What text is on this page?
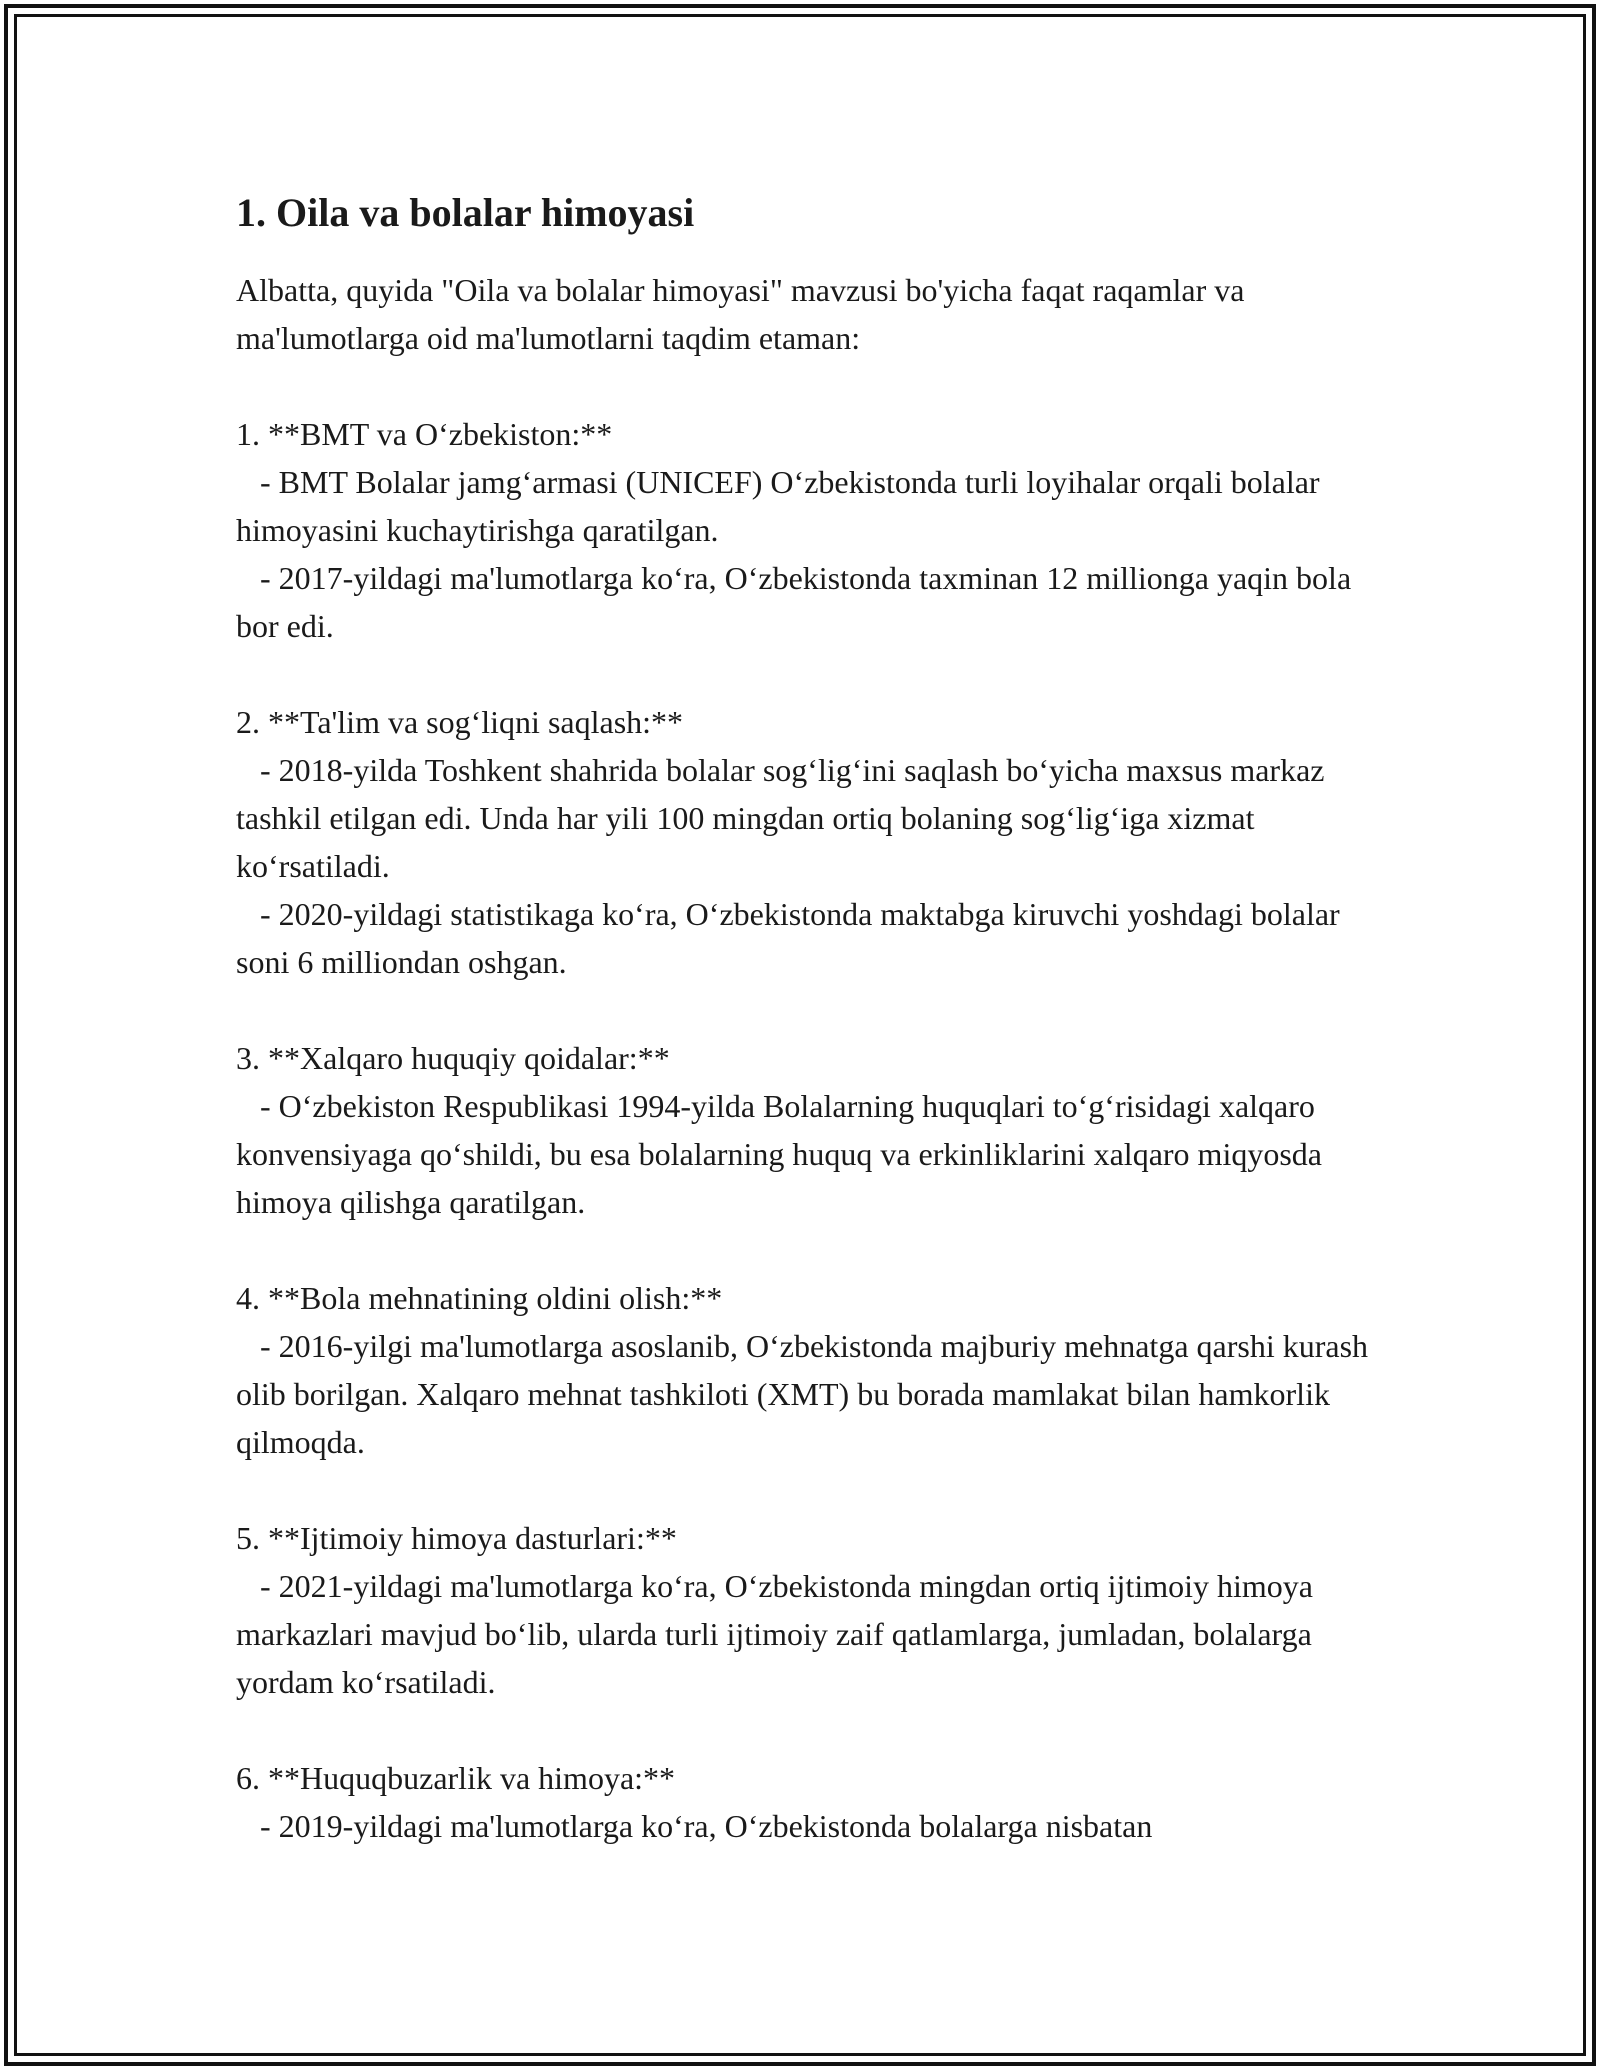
1. Oila va bolalar himoyasi

Albatta, quyida "Oila va bolalar himoyasi" mavzusi bo'yicha faqat raqamlar va ma'lumotlarga oid ma'lumotlarni taqdim etaman:

1. **BMT va O‘zbekiston:**

- BMT Bolalar jamg‘armasi (UNICEF) O‘zbekistonda turli loyihalar orqali bolalar himoyasini kuchaytirishga qaratilgan.

- 2017-yildagi ma'lumotlarga ko‘ra, O‘zbekistonda taxminan 12 millionga yaqin bola bor edi.

2. **Ta'lim va sog‘liqni saqlash:**

- 2018-yilda Toshkent shahrida bolalar sog‘lig‘ini saqlash bo‘yicha maxsus markaz tashkil etilgan edi. Unda har yili 100 mingdan ortiq bolaning sog‘lig‘iga xizmat ko‘rsatiladi.

- 2020-yildagi statistikaga ko‘ra, O‘zbekistonda maktabga kiruvchi yoshdagi bolalar soni 6 milliondan oshgan.

3. **Xalqaro huquqiy qoidalar:**

- O‘zbekiston Respublikasi 1994-yilda Bolalarning huquqlari to‘g‘risidagi xalqaro konvensiyaga qo‘shildi, bu esa bolalarning huquq va erkinliklarini xalqaro miqyosda himoya qilishga qaratilgan.

4. **Bola mehnatining oldini olish:**

- 2016-yilgi ma'lumotlarga asoslanib, O‘zbekistonda majburiy mehnatga qarshi kurash olib borilgan. Xalqaro mehnat tashkiloti (XMT) bu borada mamlakat bilan hamkorlik qilmoqda.

5. **Ijtimoiy himoya dasturlari:**

- 2021-yildagi ma'lumotlarga ko‘ra, O‘zbekistonda mingdan ortiq ijtimoiy himoya markazlari mavjud bo‘lib, ularda turli ijtimoiy zaif qatlamlarga, jumladan, bolalarga yordam ko‘rsatiladi.

6. **Huquqbuzarlik va himoya:**

- 2019-yildagi ma'lumotlarga ko‘ra, O‘zbekistonda bolalarga nisbatan
